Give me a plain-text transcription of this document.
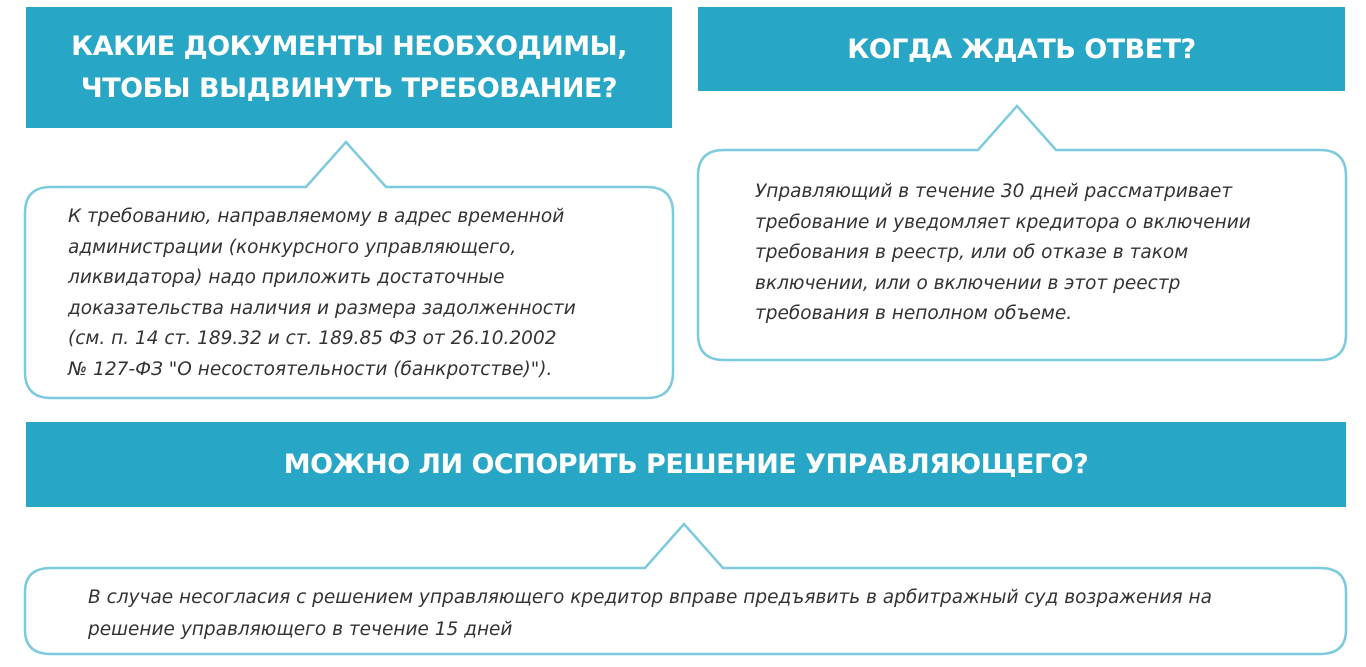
КАКИЕ ДОКУМЕНТЫ НЕОБХОДИМЫ,
ЧТОБЫ ВЫДВИНУТЬ ТРЕБОВАНИЕ?
КОГДА ЖДАТЬ ОТВЕТ?
МОЖНО ЛИ ОСПОРИТЬ РЕШЕНИЕ УПРАВЛЯЮЩЕГО?
К требованию, направляемому в адрес временной
администрации (конкурсного управляющего,
ликвидатора) надо приложить достаточные
доказательства наличия и размера задолженности
(см. п. 14 ст. 189.32 и ст. 189.85 ФЗ от 26.10.2002
№ 127-ФЗ "О несостоятельности (банкротстве)").
Управляющий в течение 30 дней рассматривает
требование и уведомляет кредитора о включении
требования в реестр, или об отказе в таком
включении, или о включении в этот реестр
требования в неполном объеме.
В случае несогласия с решением управляющего кредитор вправе предъявить в арбитражный суд возражения на
решение управляющего в течение 15 дней
